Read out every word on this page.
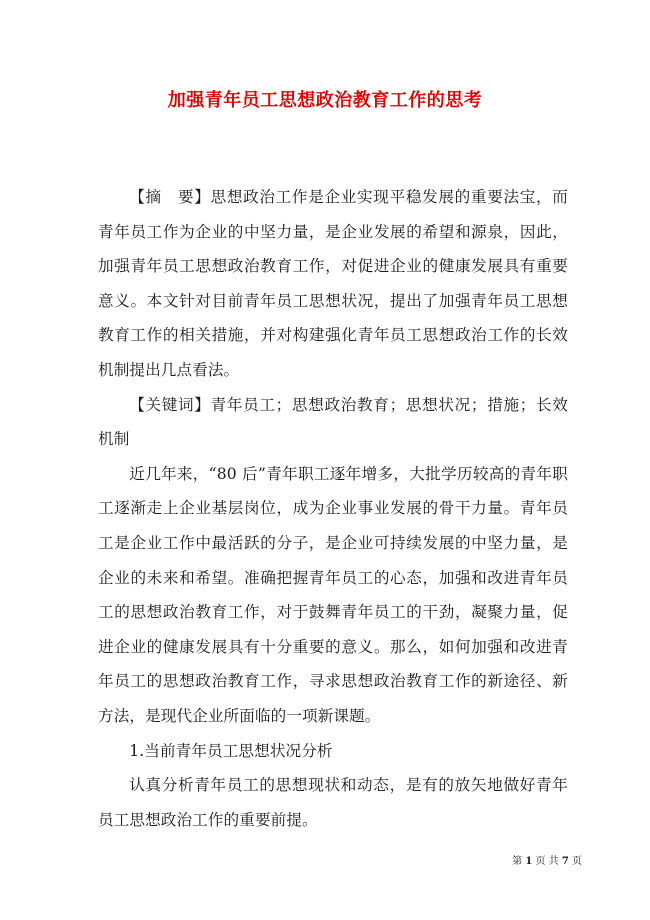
加强青年员工思想政治教育工作的思考

【摘　要】思想政治工作是企业实现平稳发展的重要法宝，而青年员工作为企业的中坚力量，是企业发展的希望和源泉，因此，加强青年员工思想政治教育工作，对促进企业的健康发展具有重要意义。本文针对目前青年员工思想状况，提出了加强青年员工思想教育工作的相关措施，并对构建强化青年员工思想政治工作的长效机制提出几点看法。

【关键词】青年员工；思想政治教育；思想状况；措施；长效机制

近几年来，“80 后”青年职工逐年增多，大批学历较高的青年职工逐渐走上企业基层岗位，成为企业事业发展的骨干力量。青年员工是企业工作中最活跃的分子，是企业可持续发展的中坚力量，是企业的未来和希望。准确把握青年员工的心态，加强和改进青年员工的思想政治教育工作，对于鼓舞青年员工的干劲，凝聚力量，促进企业的健康发展具有十分重要的意义。那么，如何加强和改进青年员工的思想政治教育工作，寻求思想政治教育工作的新途径、新方法，是现代企业所面临的一项新课题。

1.当前青年员工思想状况分析

认真分析青年员工的思想现状和动态，是有的放矢地做好青年员工思想政治工作的重要前提。

第 1 页 共 7 页
